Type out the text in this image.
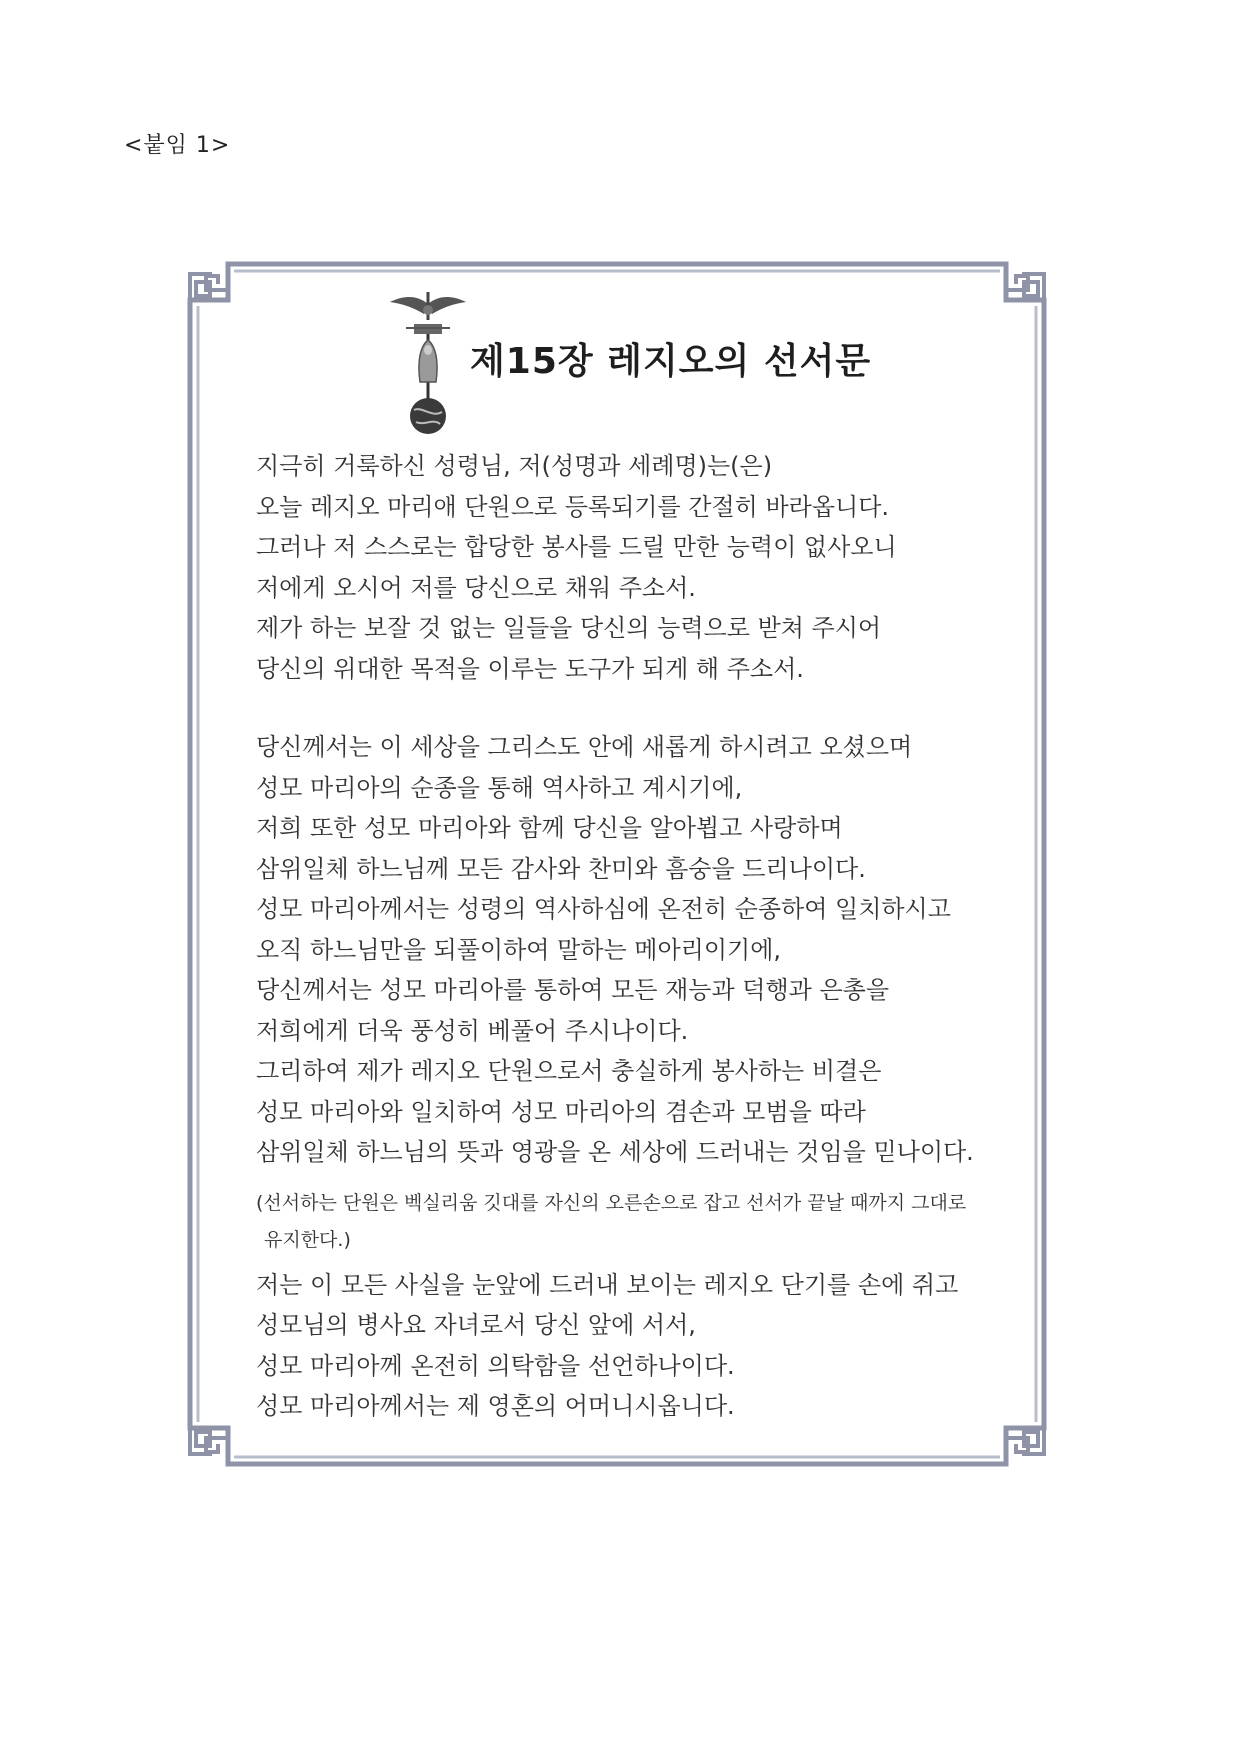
<붙임 1>
제15장 레지오의 선서문
지극히 거룩하신 성령님, 저(성명과 세례명)는(은)
오늘 레지오 마리애 단원으로 등록되기를 간절히 바라옵니다.
그러나 저 스스로는 합당한 봉사를 드릴 만한 능력이 없사오니
저에게 오시어 저를 당신으로 채워 주소서.
제가 하는 보잘 것 없는 일들을 당신의 능력으로 받쳐 주시어
당신의 위대한 목적을 이루는 도구가 되게 해 주소서.
당신께서는 이 세상을 그리스도 안에 새롭게 하시려고 오셨으며
성모 마리아의 순종을 통해 역사하고 계시기에,
저희 또한 성모 마리아와 함께 당신을 알아뵙고 사랑하며
삼위일체 하느님께 모든 감사와 찬미와 흠숭을 드리나이다.
성모 마리아께서는 성령의 역사하심에 온전히 순종하여 일치하시고
오직 하느님만을 되풀이하여 말하는 메아리이기에,
당신께서는 성모 마리아를 통하여 모든 재능과 덕행과 은총을
저희에게 더욱 풍성히 베풀어 주시나이다.
그리하여 제가 레지오 단원으로서 충실하게 봉사하는 비결은
성모 마리아와 일치하여 성모 마리아의 겸손과 모범을 따라
삼위일체 하느님의 뜻과 영광을 온 세상에 드러내는 것임을 믿나이다.
(선서하는 단원은 벡실리움 깃대를 자신의 오른손으로 잡고 선서가 끝날 때까지 그대로
유지한다.)
저는 이 모든 사실을 눈앞에 드러내 보이는 레지오 단기를 손에 쥐고
성모님의 병사요 자녀로서 당신 앞에 서서,
성모 마리아께 온전히 의탁함을 선언하나이다.
성모 마리아께서는 제 영혼의 어머니시옵니다.
